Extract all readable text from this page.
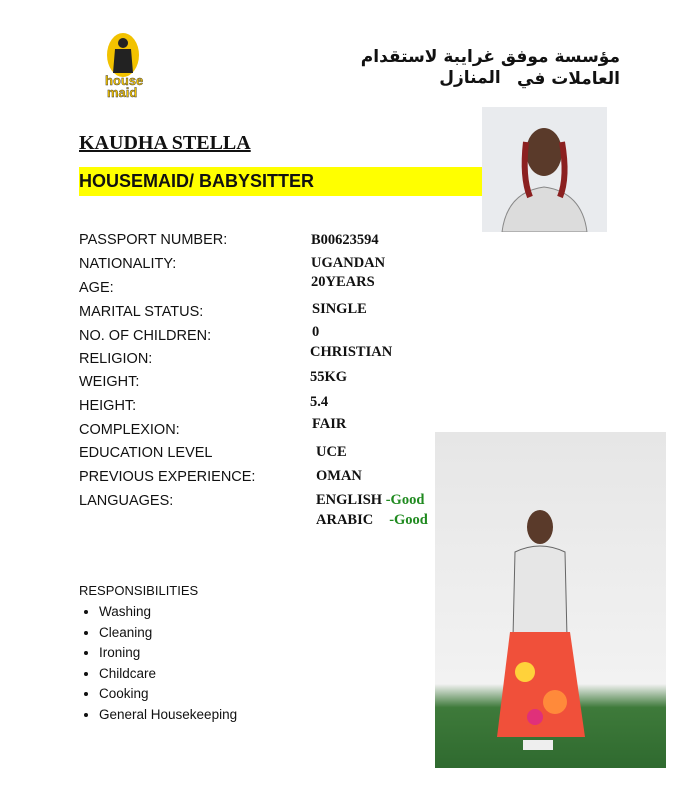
house
maid
مؤسسة موفق غرايبة لاستقدام العاملات في
المنازل
KAUDHA STELLA
HOUSEMAID/ BABYSITTER
PASSPORT NUMBER:
NATIONALITY:
AGE:
MARITAL STATUS:
NO. OF CHILDREN:
RELIGION:
WEIGHT:
HEIGHT:
COMPLEXION:
EDUCATION LEVEL
PREVIOUS EXPERIENCE:
LANGUAGES:
B00623594
UGANDAN
20YEARS
SINGLE
0
CHRISTIAN
55KG
5.4
FAIR
UCE
OMAN
ENGLISH -Good
ARABIC -Good
RESPONSIBILITIES
• Washing
• Cleaning
• Ironing
• Childcare
• Cooking
• General Housekeeping
